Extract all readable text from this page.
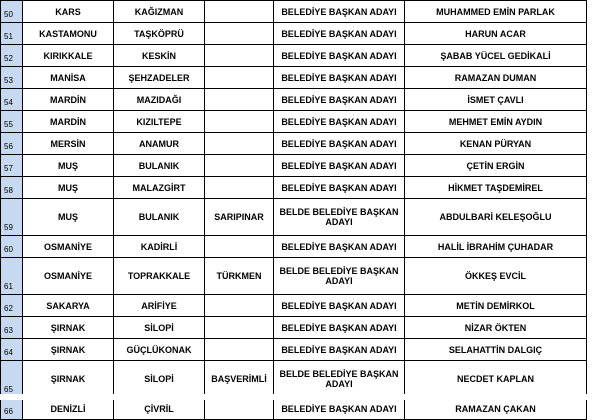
50	KARS	KAĞIZMAN		BELEDİYE BAŞKAN ADAYI	MUHAMMED EMİN PARLAK
51	KASTAMONU	TAŞKÖPRÜ		BELEDİYE BAŞKAN ADAYI	HARUN ACAR
52	KIRIKKALE	KESKİN		BELEDİYE BAŞKAN ADAYI	ŞABAB YÜCEL GEDİKALİ
53	MANİSA	ŞEHZADELER		BELEDİYE BAŞKAN ADAYI	RAMAZAN DUMAN
54	MARDİN	MAZIDAĞI		BELEDİYE BAŞKAN ADAYI	İSMET ÇAVLI
55	MARDİN	KIZILTEPE		BELEDİYE BAŞKAN ADAYI	MEHMET EMİN AYDIN
56	MERSİN	ANAMUR		BELEDİYE BAŞKAN ADAYI	KENAN PÜRYAN
57	MUŞ	BULANIK		BELEDİYE BAŞKAN ADAYI	ÇETİN ERGİN
58	MUŞ	MALAZGİRT		BELEDİYE BAŞKAN ADAYI	HİKMET TAŞDEMİREL
59	MUŞ	BULANIK	SARIPINAR	BELDE BELEDİYE BAŞKAN ADAYI	ABDULBARİ KELEŞOĞLU
60	OSMANİYE	KADİRLİ		BELEDİYE BAŞKAN ADAYI	HALİL İBRAHİM ÇUHADAR
61	OSMANİYE	TOPRAKKALE	TÜRKMEN	BELDE BELEDİYE BAŞKAN ADAYI	ÖKKEŞ EVCİL
62	SAKARYA	ARİFİYE		BELEDİYE BAŞKAN ADAYI	METİN DEMİRKOL
63	ŞIRNAK	SİLOPİ		BELEDİYE BAŞKAN ADAYI	NİZAR ÖKTEN
64	ŞIRNAK	GÜÇLÜKONAK		BELEDİYE BAŞKAN ADAYI	SELAHATTİN DALGIÇ
65	ŞIRNAK	SİLOPİ	BAŞVERİMLİ	BELDE BELEDİYE BAŞKAN ADAYI	NECDET KAPLAN
66	DENİZLİ	ÇİVRİL		BELEDİYE BAŞKAN ADAYI	RAMAZAN ÇAKAN
